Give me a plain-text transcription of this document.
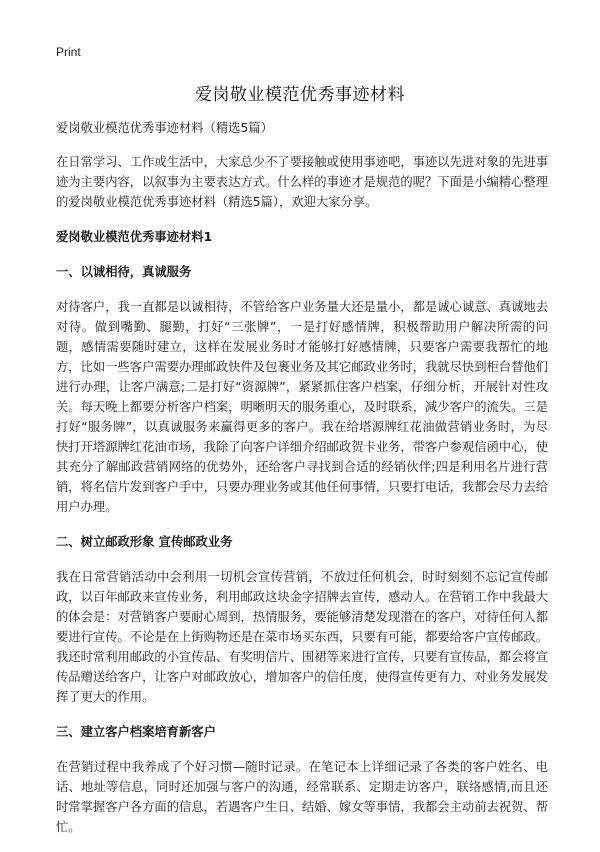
Print
爱岗敬业模范优秀事迹材料

爱岗敬业模范优秀事迹材料（精选5篇）

在日常学习、工作或生活中，大家总少不了要接触或使用事迹吧，事迹以先进对象的先进事迹为主要内容，以叙事为主要表达方式。什么样的事迹才是规范的呢？下面是小编精心整理的爱岗敬业模范优秀事迹材料（精选5篇），欢迎大家分享。

爱岗敬业模范优秀事迹材料1

一、以诚相待，真诚服务

对待客户，我一直都是以诚相待，不管给客户业务量大还是量小，都是诚心诚意、真诚地去对待。做到嘴勤、腿勤，打好“三张牌”，一是打好感情牌，积极帮助用户解决所需的问题，感情需要随时建立，这样在发展业务时才能够打好感情牌，只要客户需要我帮忙的地方，比如一些客户需要办理邮政快件及包裹业务及其它邮政业务时，我就尽快到柜台替他们进行办理，让客户满意;二是打好“资源牌”，紧紧抓住客户档案，仔细分析，开展针对性攻关。每天晚上都要分析客户档案，明晰明天的服务重心，及时联系，减少客户的流失。三是打好“服务牌”，以真诚服务来赢得更多的客户。我在给塔源牌红花油做营销业务时，为尽快打开塔源牌红花油市场，我除了向客户详细介绍邮政贺卡业务，带客户参观信函中心，使其充分了解邮政营销网络的优势外，还给客户寻找到合适的经销伙伴;四是利用名片进行营销，将名信片发到客户手中，只要办理业务或其他任何事情，只要打电话，我都会尽力去给用户办理。

二、树立邮政形象 宣传邮政业务

我在日常营销活动中会利用一切机会宣传营销，不放过任何机会，时时刻刻不忘记宣传邮政，以百年邮政来宣传业务，利用邮政这块金字招牌去宣传，感动人。在营销工作中我最大的体会是：对营销客户要耐心周到，热情服务，要能够清楚发现潜在的客户，对待任何人都要进行宣传。不论是在上街购物还是在菜市场买东西，只要有可能，都要给客户宣传邮政。我还时常利用邮政的小宣传品、有奖明信片、围裙等来进行宣传，只要有宣传品，都会将宣传品赠送给客户，让客户对邮政放心，增加客户的信任度，使得宣传更有力、对业务发展发挥了更大的作用。

三、建立客户档案培育新客户

在营销过程中我养成了个好习惯—随时记录。在笔记本上详细记录了各类的客户姓名、电话、地址等信息，同时还加强与客户的沟通，经常联系、定期走访客户，联络感情,而且还时常掌握客户各方面的信息，若遇客户生日、结婚、嫁女等事情，我都会主动前去祝贺、帮忙。
